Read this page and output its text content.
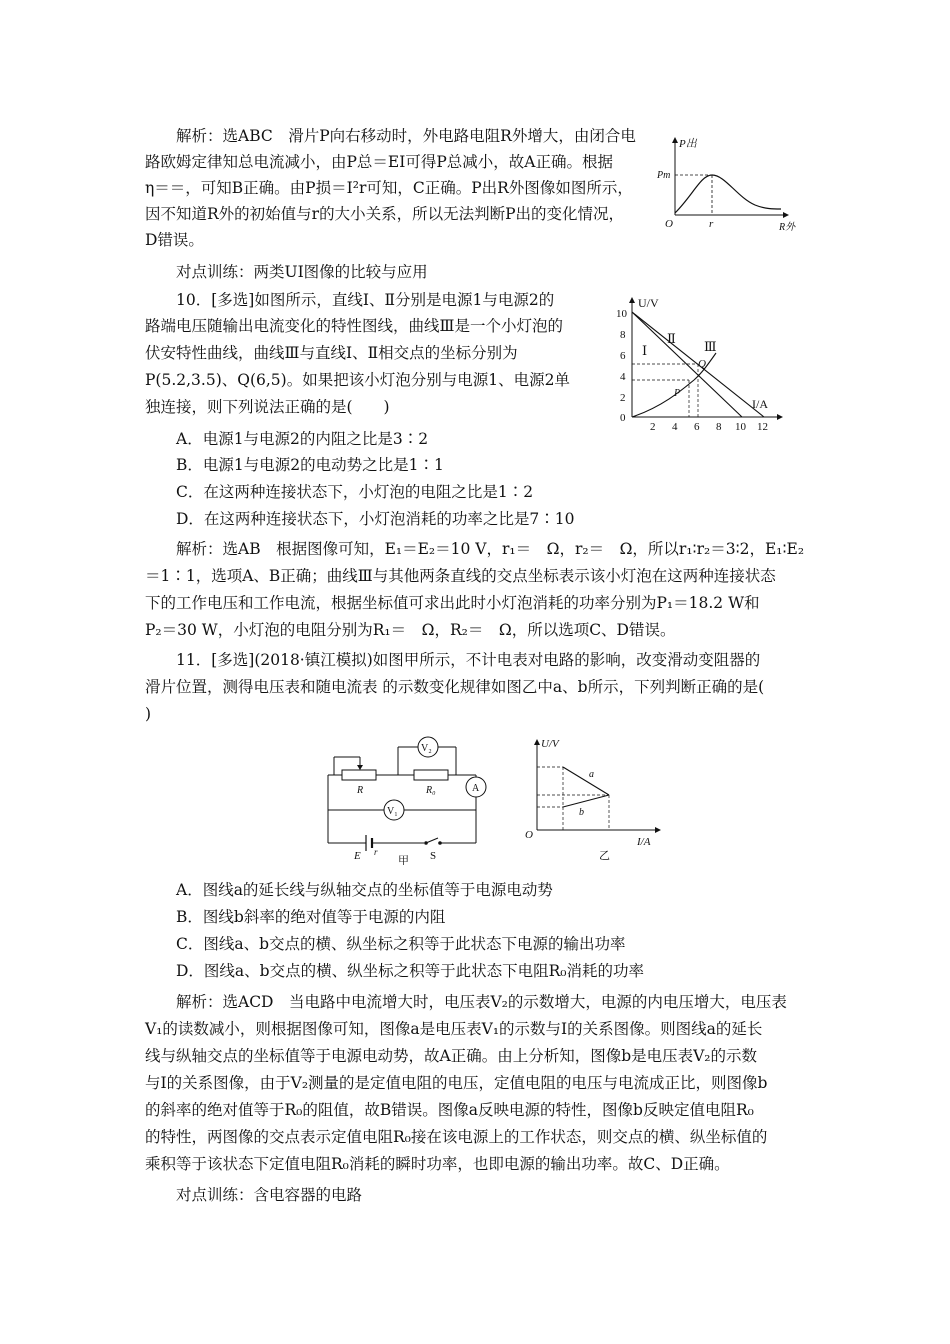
解析：选ABC　滑片P向右移动时，外电路电阻R外增大，由闭合电
路欧姆定律知总电流减小，由P总＝EI可得P总减小，故A正确。根据
η＝＝，可知B正确。由P损＝I²r可知，C正确。P出R外图像如图所示，
因不知道R外的初始值与r的大小关系，所以无法判断P出的变化情况，
D错误。
P出
Pm
O	r	R外
对点训练：两类UI图像的比较与应用
10．[多选]如图所示，直线Ⅰ、Ⅱ分别是电源1与电源2的
路端电压随输出电流变化的特性图线，曲线Ⅲ是一个小灯泡的
伏安特性曲线，曲线Ⅲ与直线Ⅰ、Ⅱ相交点的坐标分别为
P(5.2,3.5)、Q(6,5)。如果把该小灯泡分别与电源1、电源2单
独连接，则下列说法正确的是(　　)
0
2
4
6
8
10
2 4 6 8 10 12
U/V
I/A
Ⅰ
Ⅱ
Ⅲ
Q
P
A．电源1与电源2的内阻之比是3∶2
B．电源1与电源2的电动势之比是1∶1
C．在这两种连接状态下，小灯泡的电阻之比是1∶2
D．在这两种连接状态下，小灯泡消耗的功率之比是7∶10
解析：选AB　根据图像可知，E₁＝E₂＝10 V，r₁＝　Ω，r₂＝　Ω，所以r₁∶r₂＝3∶2，E₁∶E₂
＝1∶1，选项A、B正确；曲线Ⅲ与其他两条直线的交点坐标表示该小灯泡在这两种连接状态
下的工作电压和工作电流，根据坐标值可求出此时小灯泡消耗的功率分别为P₁＝18.2 W和
P₂＝30 W，小灯泡的电阻分别为R₁＝　Ω，R₂＝　Ω，所以选项C、D错误。
11．[多选](2018·镇江模拟)如图甲所示，不计电表对电路的影响，改变滑动变阻器的
滑片位置，测得电压表和随电流表 的示数变化规律如图乙中a、b所示，下列判断正确的是(
)
R	R₀
V₂
V₁
A
E r	S
甲
U/V
I/A
O
a
b
乙
A．图线a的延长线与纵轴交点的坐标值等于电源电动势
B．图线b斜率的绝对值等于电源的内阻
C．图线a、b交点的横、纵坐标之积等于此状态下电源的输出功率
D．图线a、b交点的横、纵坐标之积等于此状态下电阻R₀消耗的功率
解析：选ACD　当电路中电流增大时，电压表V₂的示数增大，电源的内电压增大，电压表
V₁的读数减小，则根据图像可知，图像a是电压表V₁的示数与I的关系图像。则图线a的延长
线与纵轴交点的坐标值等于电源电动势，故A正确。由上分析知，图像b是电压表V₂的示数
与I的关系图像，由于V₂测量的是定值电阻的电压，定值电阻的电压与电流成正比，则图像b
的斜率的绝对值等于R₀的阻值，故B错误。图像a反映电源的特性，图像b反映定值电阻R₀
的特性，两图像的交点表示定值电阻R₀接在该电源上的工作状态，则交点的横、纵坐标值的
乘积等于该状态下定值电阻R₀消耗的瞬时功率，也即电源的输出功率。故C、D正确。
对点训练：含电容器的电路
